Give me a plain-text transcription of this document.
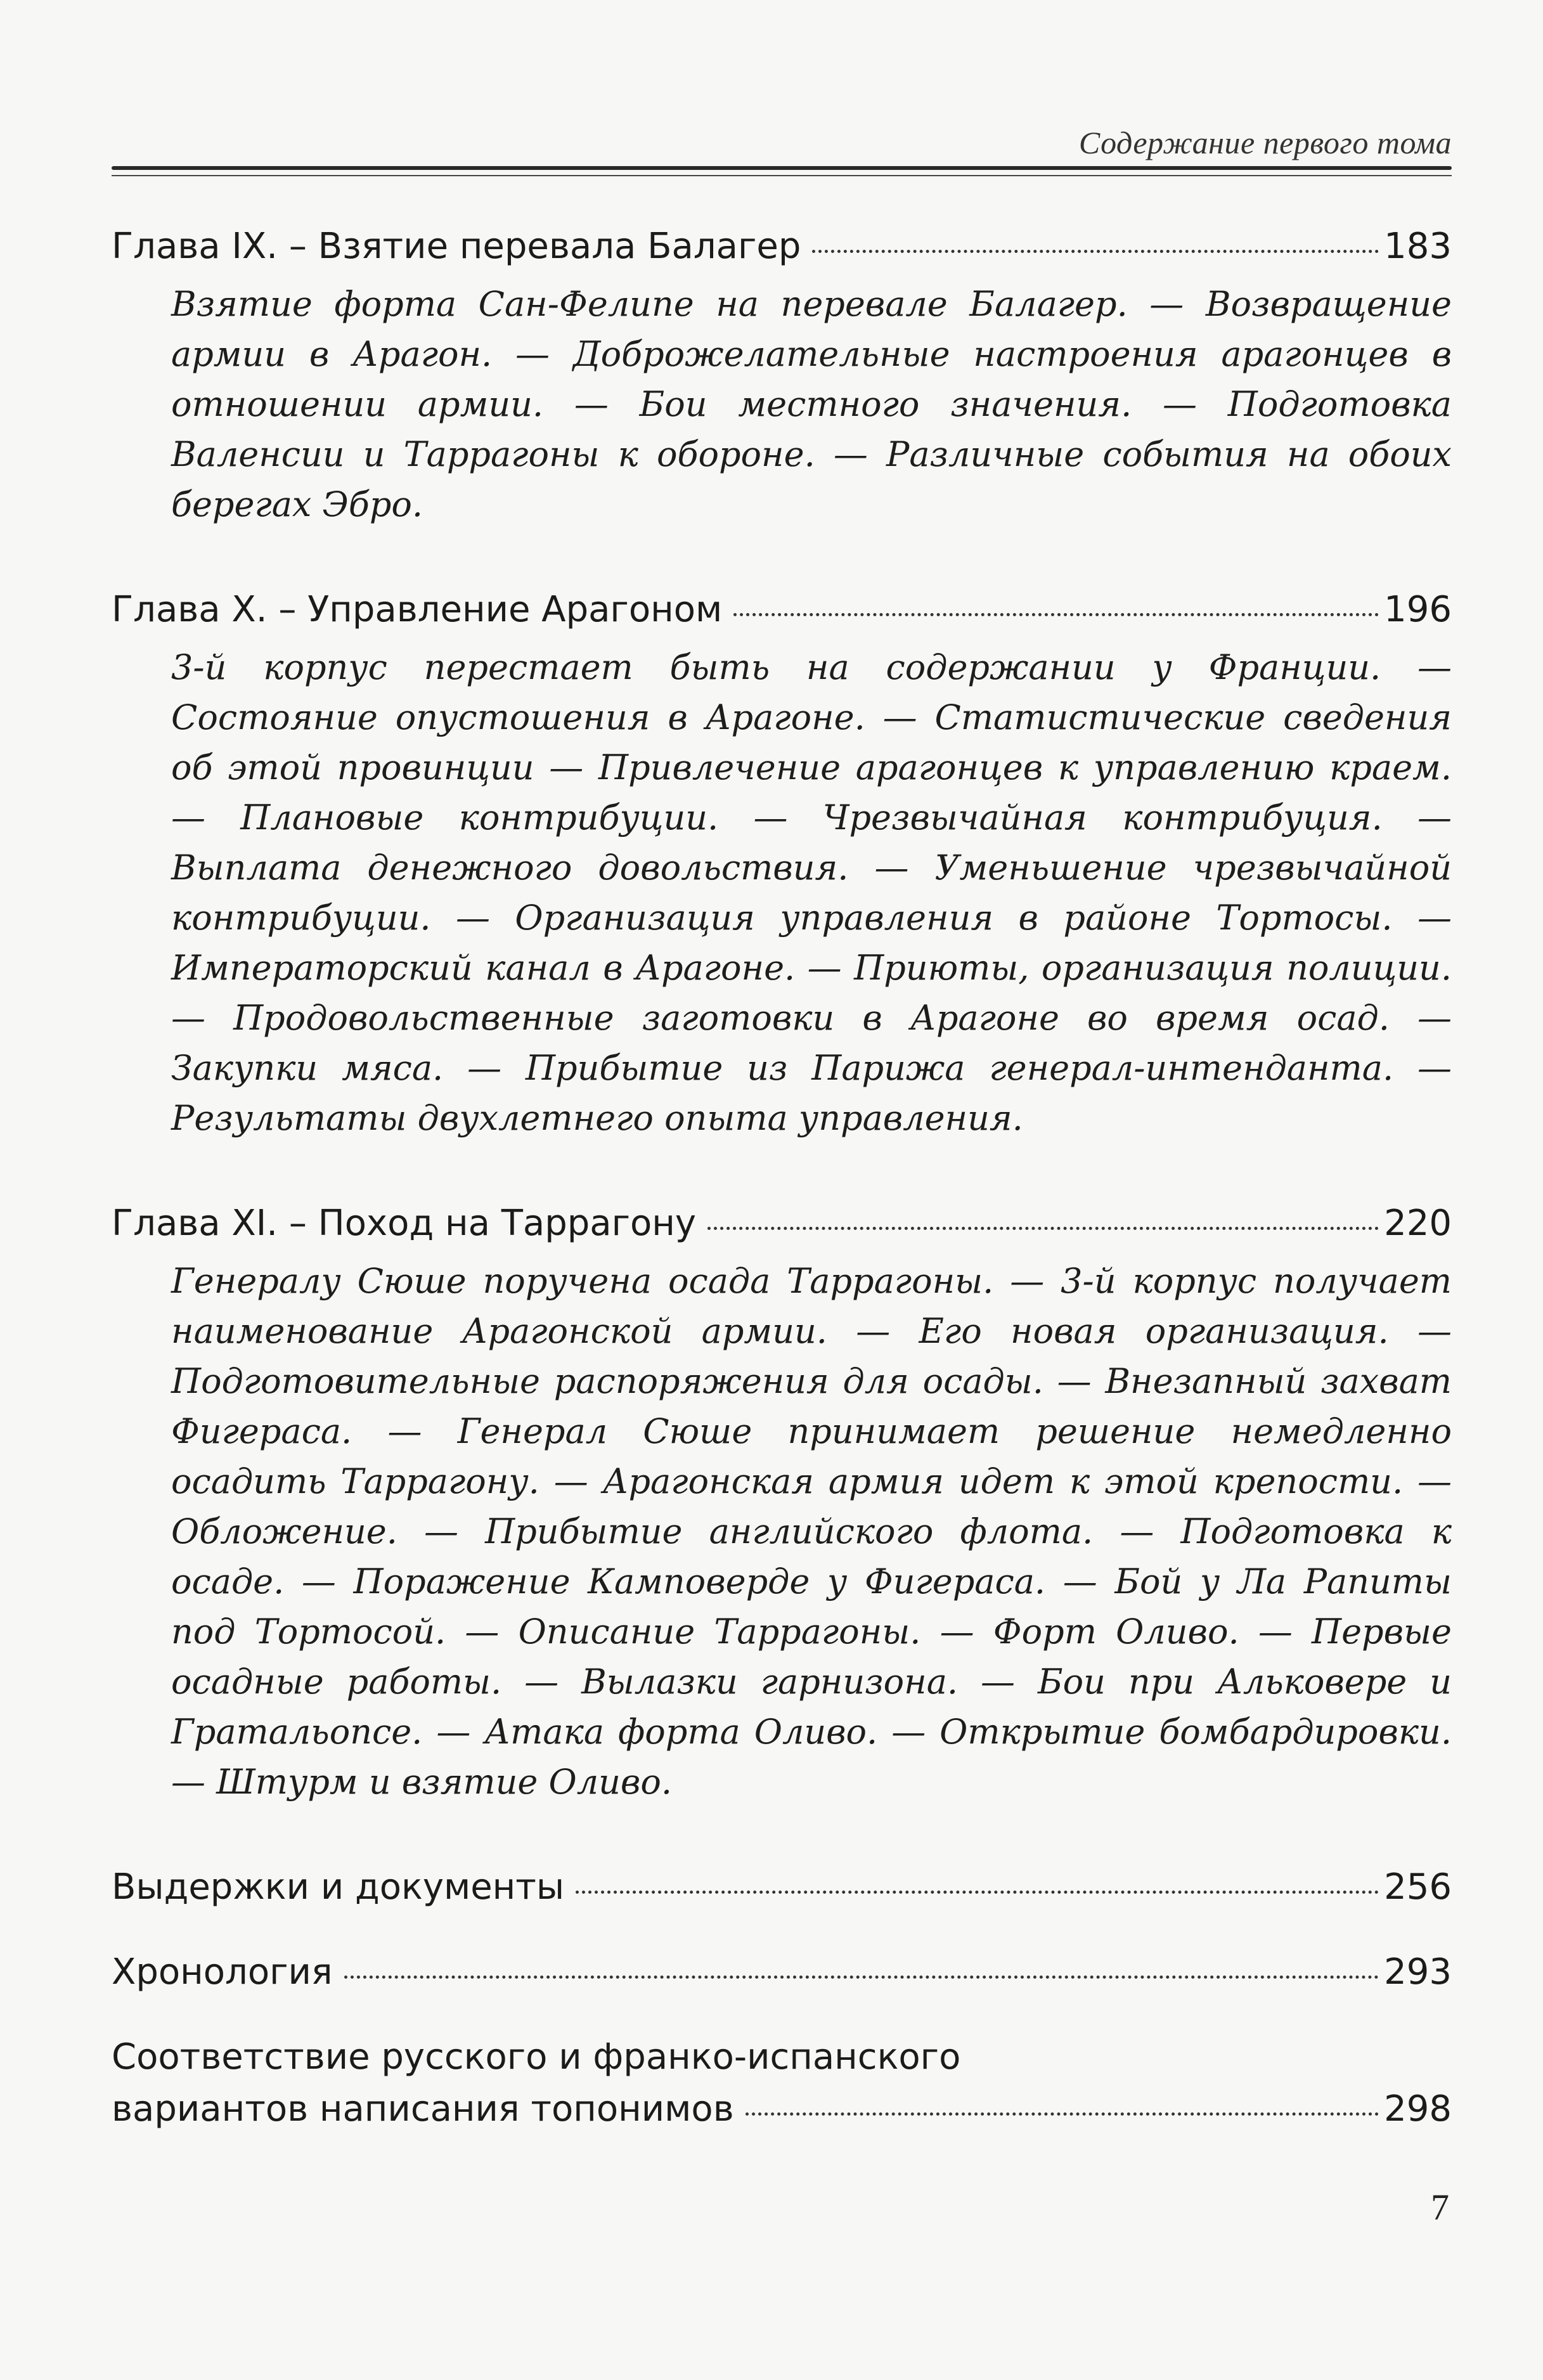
Содержание первого тома
Глава IX. – Взятие перевала Балагер	183
Взятие форта Сан-Фелипе на перевале Балагер. — Возвращение армии в Арагон. — Доброжелательные настроения арагонцев в отношении армии. — Бои местного значения. — Подготовка Валенсии и Таррагоны к обороне. — Различные события на обоих берегах Эбро.
Глава X. – Управление Арагоном	196
3-й корпус перестает быть на содержании у Франции. — Состояние опустошения в Арагоне. — Статистические сведения об этой провинции — Привлечение арагонцев к управлению краем. — Плановые контрибуции. — Чрезвычайная контрибуция. — Выплата денежного довольствия. — Уменьшение чрезвычайной контрибуции. — Организация управления в районе Тортосы. — Императорский канал в Арагоне. — Приюты, организация полиции. — Продовольственные заготовки в Арагоне во время осад. — Закупки мяса. — Прибытие из Парижа генерал-интенданта. — Результаты двухлетнего опыта управления.
Глава XI. – Поход на Таррагону	220
Генералу Сюше поручена осада Таррагоны. — 3-й корпус получает наименование Арагонской армии. — Его новая организация. — Подготовительные распоряжения для осады. — Внезапный захват Фигераса. — Генерал Сюше принимает решение немедленно осадить Таррагону. — Арагонская армия идет к этой крепости. — Обложение. — Прибытие английского флота. — Подготовка к осаде. — Поражение Камповерде у Фигераса. — Бой у Ла Рапиты под Тортосой. — Описание Таррагоны. — Форт Оливо. — Первые осадные работы. — Вылазки гарнизона. — Бои при Альковере и Гратальопсе. — Атака форта Оливо. — Открытие бомбардировки. — Штурм и взятие Оливо.
Выдержки и документы	256
Хронология	293
Соответствие русского и франко-испанского
вариантов написания топонимов	298
7
